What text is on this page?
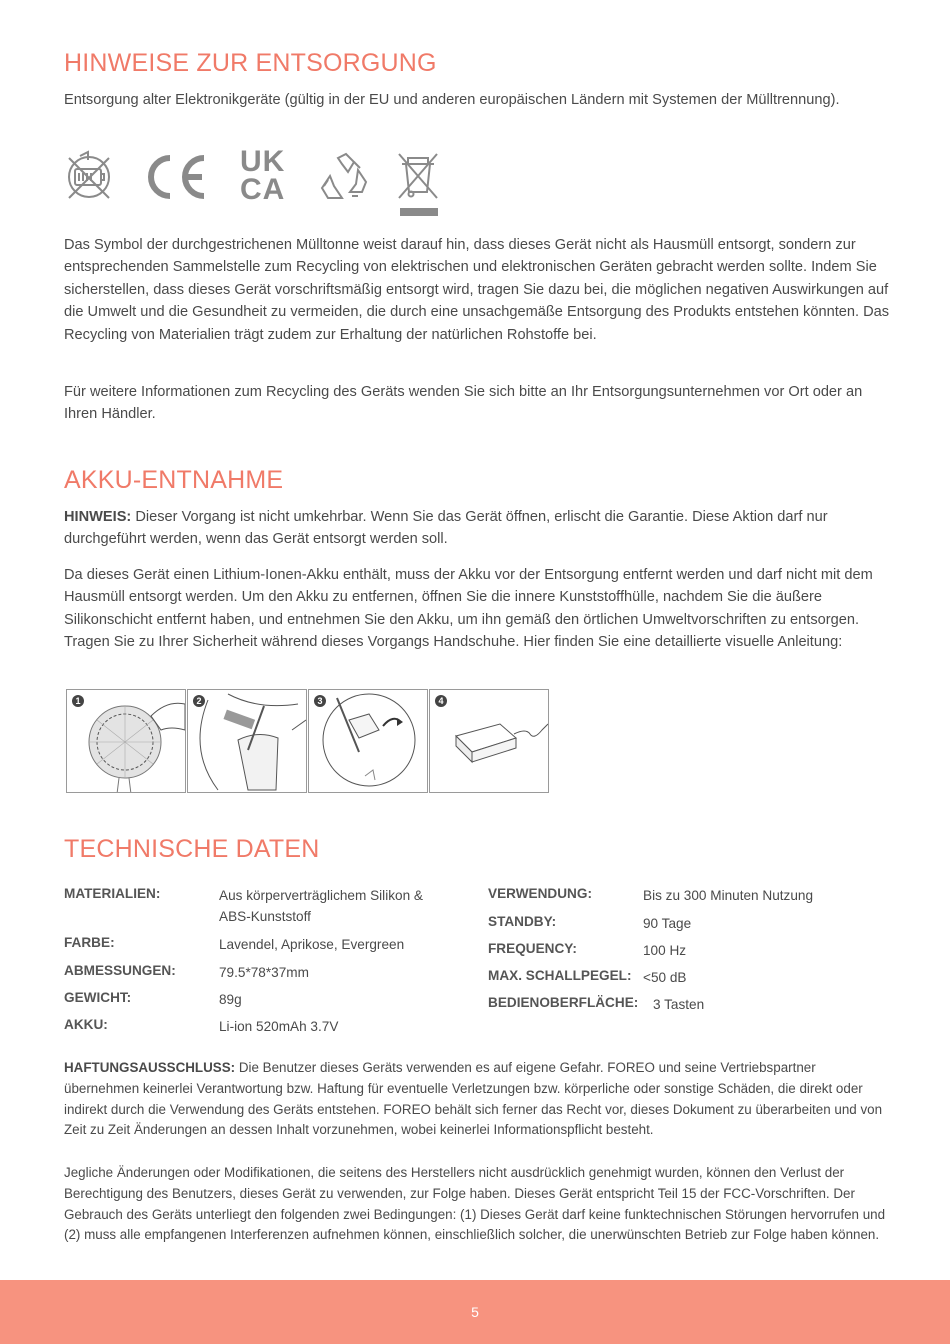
HINWEISE ZUR ENTSORGUNG

Entsorgung alter Elektronikgeräte (gültig in der EU und anderen europäischen Ländern mit Systemen der Mülltrennung).

UK
CA

Das Symbol der durchgestrichenen Mülltonne weist darauf hin, dass dieses Gerät nicht als Hausmüll entsorgt, sondern zur entsprechenden Sammelstelle zum Recycling von elektrischen und elektronischen Geräten gebracht werden sollte. Indem Sie sicherstellen, dass dieses Gerät vorschriftsmäßig entsorgt wird, tragen Sie dazu bei, die möglichen negativen Auswirkungen auf die Umwelt und die Gesundheit zu vermeiden, die durch eine unsachgemäße Entsorgung des Produkts entstehen könnten. Das Recycling von Materialien trägt zudem zur Erhaltung der natürlichen Rohstoffe bei.

Für weitere Informationen zum Recycling des Geräts wenden Sie sich bitte an Ihr Entsorgungsunternehmen vor Ort oder an Ihren Händler.

AKKU-ENTNAHME

HINWEIS: Dieser Vorgang ist nicht umkehrbar. Wenn Sie das Gerät öffnen, erlischt die Garantie. Diese Aktion darf nur durchgeführt werden, wenn das Gerät entsorgt werden soll.

Da dieses Gerät einen Lithium-Ionen-Akku enthält, muss der Akku vor der Entsorgung entfernt werden und darf nicht mit dem Hausmüll entsorgt werden. Um den Akku zu entfernen, öffnen Sie die innere Kunststoffhülle, nachdem Sie die äußere Silikonschicht entfernt haben, und entnehmen Sie den Akku, um ihn gemäß den örtlichen Umweltvorschriften zu entsorgen. Tragen Sie zu Ihrer Sicherheit während dieses Vorgangs Handschuhe. Hier finden Sie eine detaillierte visuelle Anleitung:

1	2	3	4
TECHNISCHE DATEN
MATERIALIEN:	Aus körperverträglichem Silikon &
ABS-Kunststoff
FARBE:	Lavendel, Aprikose, Evergreen
ABMESSUNGEN:	79.5*78*37mm
GEWICHT:	89g
AKKU:	Li-ion 520mAh 3.7V
VERWENDUNG:	Bis zu 300 Minuten Nutzung
STANDBY:	90 Tage
FREQUENCY:	100 Hz
MAX. SCHALLPEGEL: <50 dB
BEDIENOBERFLÄCHE: 3 Tasten

HAFTUNGSAUSSCHLUSS: Die Benutzer dieses Geräts verwenden es auf eigene Gefahr. FOREO und seine Vertriebspartner übernehmen keinerlei Verantwortung bzw. Haftung für eventuelle Verletzungen bzw. körperliche oder sonstige Schäden, die direkt oder indirekt durch die Verwendung des Geräts entstehen. FOREO behält sich ferner das Recht vor, dieses Dokument zu überarbeiten und von Zeit zu Zeit Änderungen an dessen Inhalt vorzunehmen, wobei keinerlei Informationspflicht besteht.

Jegliche Änderungen oder Modifikationen, die seitens des Herstellers nicht ausdrücklich genehmigt wurden, können den Verlust der Berechtigung des Benutzers, dieses Gerät zu verwenden, zur Folge haben. Dieses Gerät entspricht Teil 15 der FCC-Vorschriften. Der Gebrauch des Geräts unterliegt den folgenden zwei Bedingungen: (1) Dieses Gerät darf keine funktechnischen Störungen hervorrufen und (2) muss alle empfangenen Interferenzen aufnehmen können, einschließlich solcher, die unerwünschten Betrieb zur Folge haben können.

5
